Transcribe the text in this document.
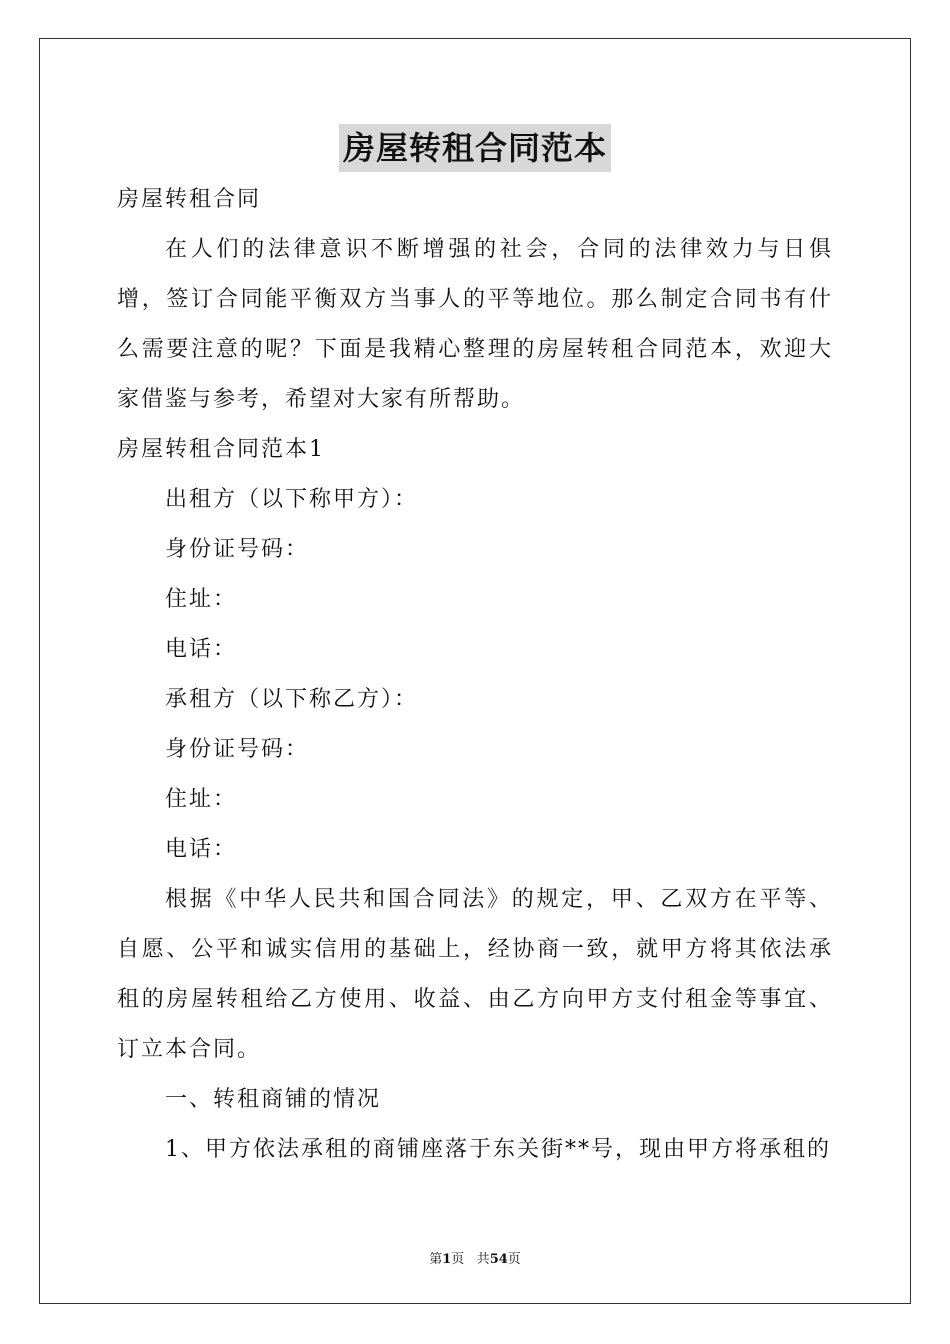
房屋转租合同范本

房屋转租合同

在人们的法律意识不断增强的社会，合同的法律效力与日俱增，签订合同能平衡双方当事人的平等地位。那么制定合同书有什么需要注意的呢？下面是我精心整理的房屋转租合同范本，欢迎大家借鉴与参考，希望对大家有所帮助。

房屋转租合同范本1

出租方（以下称甲方）：

身份证号码：

住址：

电话：

承租方（以下称乙方）：

身份证号码：

住址：

电话：

根据《中华人民共和国合同法》的规定，甲、乙双方在平等、自愿、公平和诚实信用的基础上，经协商一致，就甲方将其依法承租的房屋转租给乙方使用、收益、由乙方向甲方支付租金等事宜、订立本合同。

一、转租商铺的情况

1、甲方依法承租的商铺座落于东关街**号，现由甲方将承租的

第1页 共54页
